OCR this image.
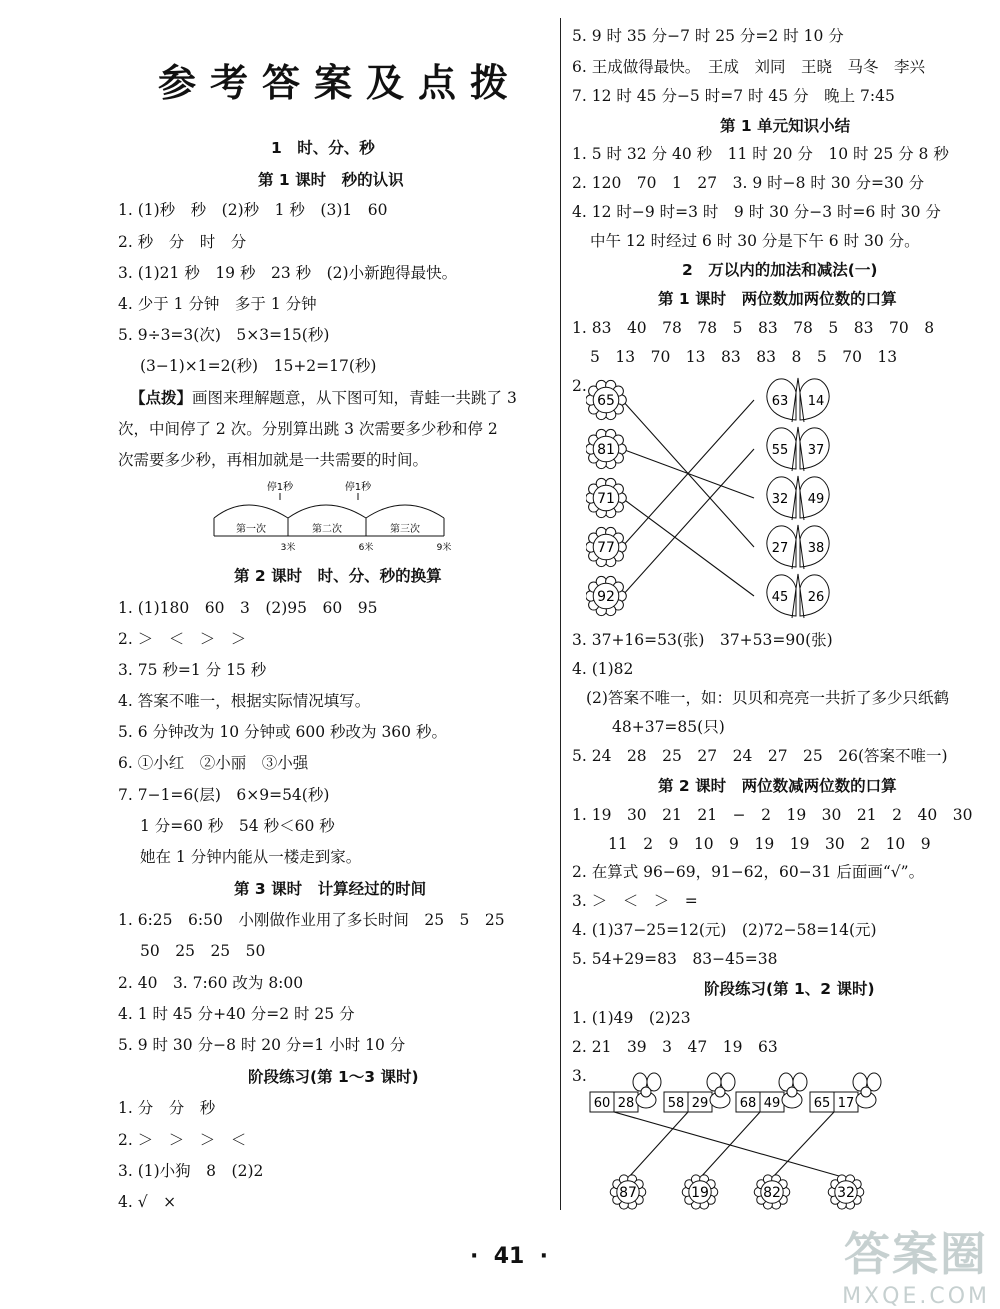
参考答案及点拨
1　时、分、秒
第 1 课时　秒的认识
1. (1)秒　秒　(2)秒　1 秒　(3)1　60
2. 秒　分　时　分
3. (1)21 秒　19 秒　23 秒　(2)小新跑得最快。
4. 少于 1 分钟　多于 1 分钟
5. 9÷3=3(次)　5×3=15(秒)
(3−1)×1=2(秒)　15+2=17(秒)
【点拨】画图来理解题意，从下图可知，青蛙一共跳了 3
次，中间停了 2 次。分别算出跳 3 次需要多少秒和停 2
次需要多少秒，再相加就是一共需要的时间。
停1秒	停1秒
第一次	第二次	第三次
3米	6米	9米
第 2 课时　时、分、秒的换算
1. (1)180　60　3　(2)95　60　95
2. ＞　＜　＞　＞
3. 75 秒=1 分 15 秒
4. 答案不唯一，根据实际情况填写。
5. 6 分钟改为 10 分钟或 600 秒改为 360 秒。
6. ①小红　②小丽　③小强
7. 7−1=6(层)　6×9=54(秒)
1 分=60 秒　54 秒＜60 秒
她在 1 分钟内能从一楼走到家。
第 3 课时　计算经过的时间
1. 6:25　6:50　小刚做作业用了多长时间　25　5　25
50　25　25　50
2. 40　3. 7:60 改为 8:00
4. 1 时 45 分+40 分=2 时 25 分
5. 9 时 30 分−8 时 20 分=1 小时 10 分
阶段练习(第 1～3 课时)
1. 分　分　秒
2. ＞　＞　＞　＜
3. (1)小狗　8　(2)2
4. √　×
5. 9 时 35 分−7 时 25 分=2 时 10 分
6. 王成做得最快。　王成　刘同　王晓　马冬　李兴
7. 12 时 45 分−5 时=7 时 45 分　晚上 7:45
第 1 单元知识小结
1. 5 时 32 分 40 秒　11 时 20 分　10 时 25 分 8 秒
2. 120　70　1　27　3. 9 时−8 时 30 分=30 分
4. 12 时−9 时=3 时　9 时 30 分−3 时=6 时 30 分
中午 12 时经过 6 时 30 分是下午 6 时 30 分。
2　万以内的加法和减法(一)
第 1 课时　两位数加两位数的口算
1. 83　40　78　78　5　83　78　5　83　70　8
5　13　70　13　83　83　8　5　70　13
2.
65
81
71
77
92
63 14
55 37
32 49
27 38
45 26
3. 37+16=53(张)　37+53=90(张)
4. (1)82
(2)答案不唯一，如：贝贝和亮亮一共折了多少只纸鹤
48+37=85(只)
5. 24　28　25　27　24　27　25　26(答案不唯一)
第 2 课时　两位数减两位数的口算
1. 19　30　21　21　−　2　19　30　21　2　40　30
11　2　9　10　9　19　19　30　2　10　9
2. 在算式 96−69，91−62，60−31 后面画“√”。
3. ＞　＜　＞　=
4. (1)37−25=12(元)　(2)72−58=14(元)
5. 54+29=83　83−45=38
阶段练习(第 1、2 课时)
1. (1)49　(2)23
2. 21　39　3　47　19　63
3.
60 28	58 29 68 49	65 17
87	19	82	32
·  41  ·	答案圈
MXQE.COM
